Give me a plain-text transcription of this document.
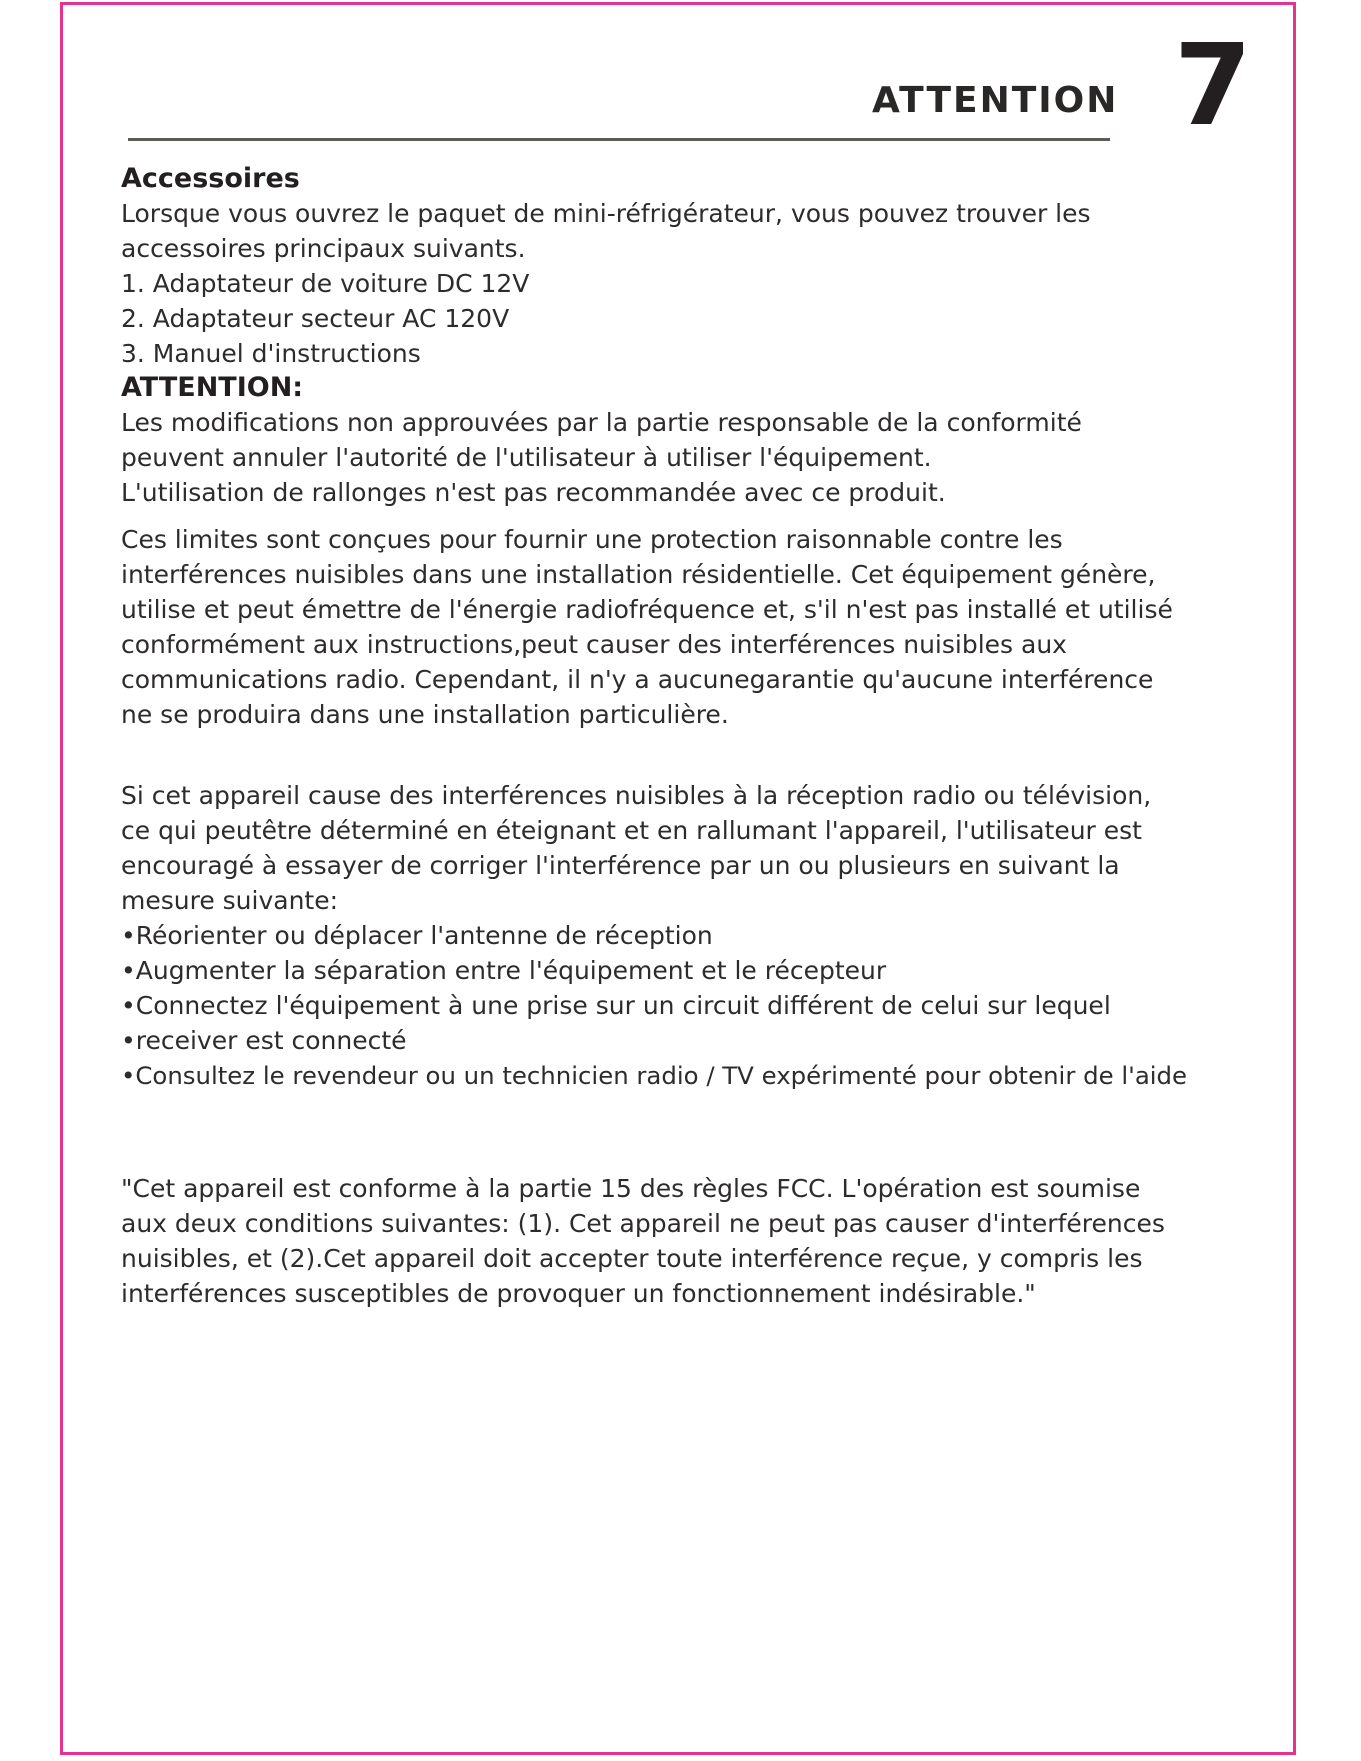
ATTENTION 7
Accessoires
Lorsque vous ouvrez le paquet de mini-réfrigérateur, vous pouvez trouver les
accessoires principaux suivants.
1. Adaptateur de voiture DC 12V
2. Adaptateur secteur AC 120V
3. Manuel d'instructions
ATTENTION:
Les modifications non approuvées par la partie responsable de la conformité
peuvent annuler l'autorité de l'utilisateur à utiliser l'équipement.
L'utilisation de rallonges n'est pas recommandée avec ce produit.
Ces limites sont conçues pour fournir une protection raisonnable contre les
interférences nuisibles dans une installation résidentielle. Cet équipement génère,
utilise et peut émettre de l'énergie radiofréquence et, s'il n'est pas installé et utilisé
conformément aux instructions,peut causer des interférences nuisibles aux
communications radio. Cependant, il n'y a aucunegarantie qu'aucune interférence
ne se produira dans une installation particulière.
Si cet appareil cause des interférences nuisibles à la réception radio ou télévision,
ce qui peutêtre déterminé en éteignant et en rallumant l'appareil, l'utilisateur est
encouragé à essayer de corriger l'interférence par un ou plusieurs en suivant la
mesure suivante:
•Réorienter ou déplacer l'antenne de réception
•Augmenter la séparation entre l'équipement et le récepteur
•Connectez l'équipement à une prise sur un circuit différent de celui sur lequel
•receiver est connecté
•Consultez le revendeur ou un technicien radio / TV expérimenté pour obtenir de l'aide
"Cet appareil est conforme à la partie 15 des règles FCC. L'opération est soumise
aux deux conditions suivantes: (1). Cet appareil ne peut pas causer d'interférences
nuisibles, et (2).Cet appareil doit accepter toute interférence reçue, y compris les
interférences susceptibles de provoquer un fonctionnement indésirable."
